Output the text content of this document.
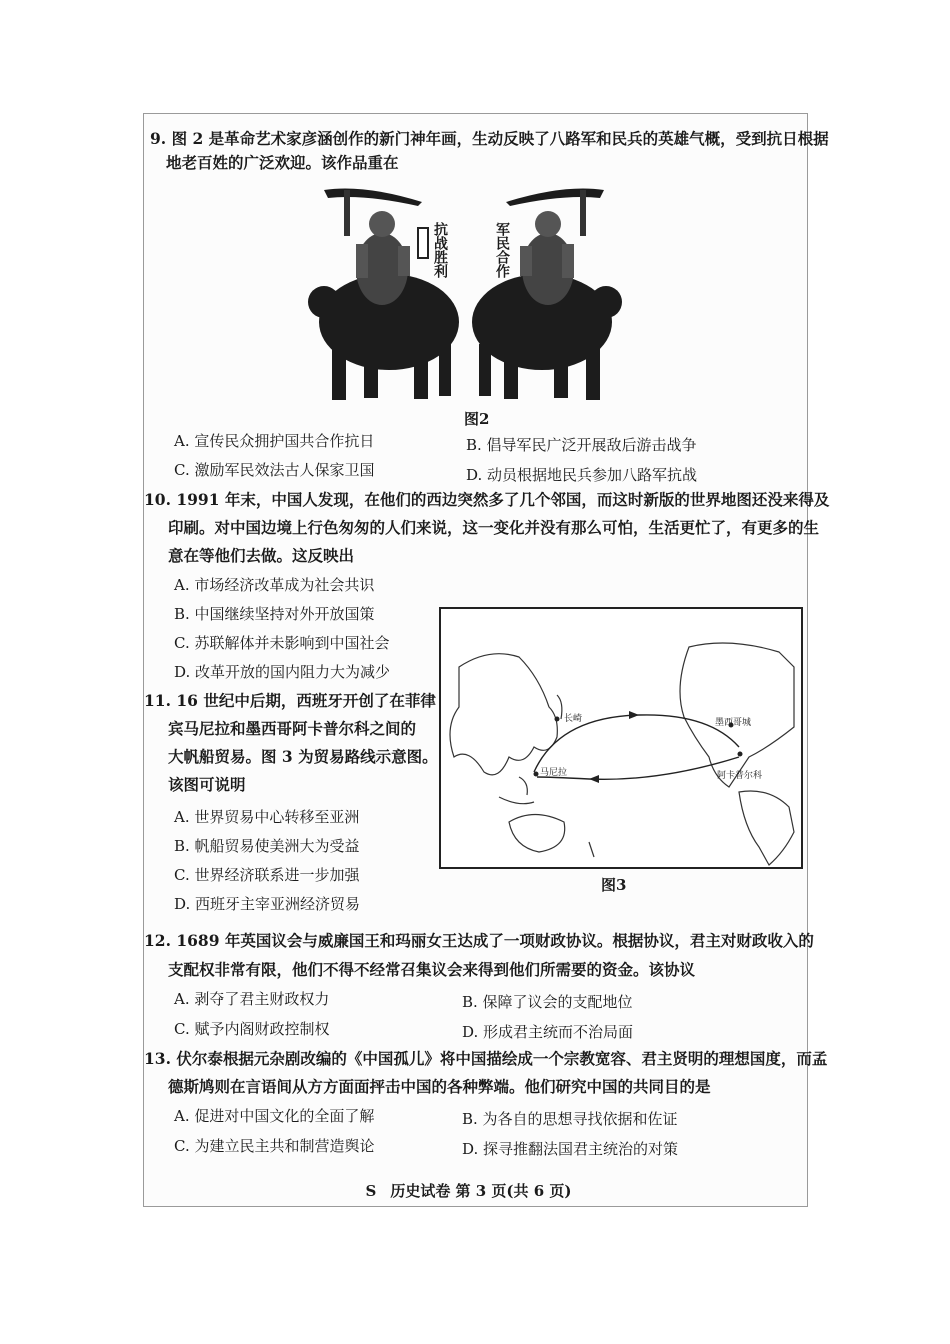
9. 图 2 是革命艺术家彦涵创作的新门神年画，生动反映了八路军和民兵的英雄气概，受到抗日根据
地老百姓的广泛欢迎。该作品重在
抗战胜利	军民合作
图2
A. 宣传民众拥护国共合作抗日	B. 倡导军民广泛开展敌后游击战争
C. 激励军民效法古人保家卫国	D. 动员根据地民兵参加八路军抗战
10. 1991 年末，中国人发现，在他们的西边突然多了几个邻国，而这时新版的世界地图还没来得及
印刷。对中国边境上行色匆匆的人们来说，这一变化并没有那么可怕，生活更忙了，有更多的生
意在等他们去做。这反映出
A. 市场经济改革成为社会共识
B. 中国继续坚持对外开放国策
C. 苏联解体并未影响到中国社会
D. 改革开放的国内阻力大为减少
11. 16 世纪中后期，西班牙开创了在菲律
宾马尼拉和墨西哥阿卡普尔科之间的
大帆船贸易。图 3 为贸易路线示意图。
该图可说明
A. 世界贸易中心转移至亚洲
B. 帆船贸易使美洲大为受益
C. 世界经济联系进一步加强
D. 西班牙主宰亚洲经济贸易
长崎	墨西哥城
马尼拉	阿卡普尔科
图3
12. 1689 年英国议会与威廉国王和玛丽女王达成了一项财政协议。根据协议，君主对财政收入的
支配权非常有限，他们不得不经常召集议会来得到他们所需要的资金。该协议
A. 剥夺了君主财政权力	B. 保障了议会的支配地位
C. 赋予内阁财政控制权	D. 形成君主统而不治局面
13. 伏尔泰根据元杂剧改编的《中国孤儿》将中国描绘成一个宗教宽容、君主贤明的理想国度，而孟
德斯鸠则在言语间从方方面面抨击中国的各种弊端。他们研究中国的共同目的是
A. 促进对中国文化的全面了解	B. 为各自的思想寻找依据和佐证
C. 为建立民主共和制营造舆论	D. 探寻推翻法国君主统治的对策
S 历史试卷 第 3 页(共 6 页)
